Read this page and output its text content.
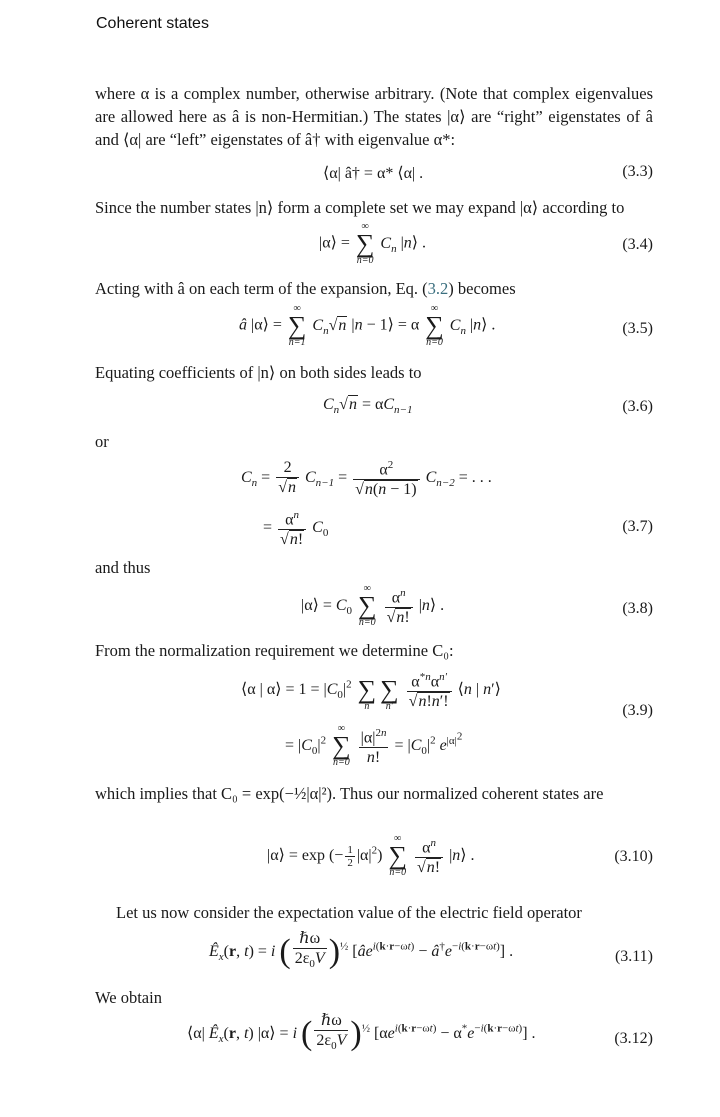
Coherent states
where α is a complex number, otherwise arbitrary. (Note that complex eigenvalues are allowed here as â is non-Hermitian.) The states |α⟩ are “right” eigenstates of â and ⟨α| are “left” eigenstates of â† with eigenvalue α*:
⟨α| â† = α* ⟨α| .	(3.3)
Since the number states |n⟩ form a complete set we may expand |α⟩ according to
|α⟩ =
∞
∑
n=0
$C_n$ |n⟩ .	(3.4)
Acting with â on each term of the expansion, Eq. (3.2) becomes
â |α⟩ =
∞
∑
n=1
$C_n√n$ |n − 1⟩ = α
∞
∑
n=0
$C_n$ |n⟩ .	(3.5)
Equating coefficients of |n⟩ on both sides leads to
$C_n√n = \alpha C_{n-1}$	(3.6)
or
$C_n = \frac{2}{√n} C_{n-1} = \frac{\alpha^2}{√n(n - 1)} C_{n-2}$ = . . .
= $\frac{\alpha^n}{√n!} C_0$	(3.7)
and thus
|α⟩ = $C_0$
∞
∑
n=0
$\frac{\alpha^n}{√n!}$ |n⟩ .	(3.8)
From the normalization requirement we determine C₀:
⟨α | α⟩ = $1 = |C_0|^2$
∑
n

∑
n′
$\frac{\alpha^{*n}\alpha^{n'}}{√n!n'!}$ ⟨n | n′⟩
= $|C_0|^2$
∞
∑
n=0
$\frac{|\alpha|^{2n}}{n!} = |C_0|^2$ $e^{|\alpha|^2}$
(3.9)
which implies that C₀ = exp(−½|α|²). Thus our normalized coherent states are
|α⟩ = exp (− $\frac{1}{2} |\alpha|^2$)
∞
∑
n=0
$\frac{\alpha^n}{√n!}$ |n⟩ .	(3.10)
Let us now consider the expectation value of the electric field operator
$Ê_x(r$, t) = i ( $\frac{\text{ℏω}}{2\varepsilon_0V} )^{\frac{1}{2}}$ [$âe^{i(k\cdot r-\omega t)}$ − $â^\dagger e^{-i(k\cdot r-\omega t)}$] .	(3.11)
We obtain
⟨α| $Ê_x(r$, t) |α⟩ = i ( $\frac{\text{ℏω}}{2\varepsilon_0V} )^{\frac{1}{2}}$ $[\alpha e^{i(k\cdot r-\omega t)} - \alpha^*e^{-i(k\cdot r-\omega t)}]$ .	(3.12)
